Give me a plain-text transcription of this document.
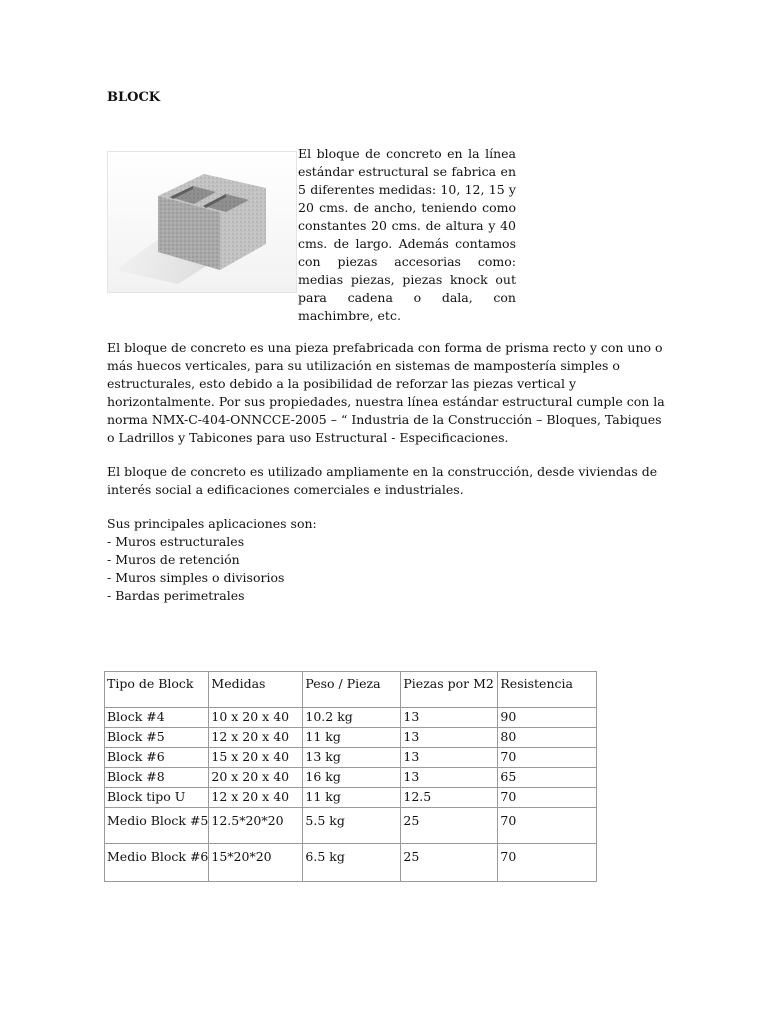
BLOCK

El bloque de concreto en la línea estándar estructural se fabrica en 5 diferentes medidas: 10, 12, 15 y 20 cms. de ancho, teniendo como constantes 20 cms. de altura y 40 cms. de largo. Además contamos con piezas accesorias como: medias piezas, piezas knock out para cadena o dala, con machimbre, etc.

El bloque de concreto es una pieza prefabricada con forma de prisma recto y con uno o más huecos verticales, para su utilización en sistemas de mampostería simples o estructurales, esto debido a la posibilidad de reforzar las piezas vertical y horizontalmente. Por sus propiedades, nuestra línea estándar estructural cumple con la norma NMX-C-404-ONNCCE-2005 – “ Industria de la Construcción – Bloques, Tabiques o Ladrillos y Tabicones para uso Estructural - Especificaciones.

El bloque de concreto es utilizado ampliamente en la construcción, desde viviendas de interés social a edificaciones comerciales e industriales.

Sus principales aplicaciones son:

- Muros estructurales
- Muros de retención
- Muros simples o divisorios
- Bardas perimetrales
Tipo de Block	Medidas	Peso / Pieza	Piezas por M2	Resistencia
Block #4	10 x 20 x 40	10.2 kg	13	90
Block #5	12 x 20 x 40	11 kg	13	80
Block #6	15 x 20 x 40	13 kg	13	70
Block #8	20 x 20 x 40	16 kg	13	65
Block tipo U	12 x 20 x 40	11 kg	12.5	70
Medio Block #5	12.5*20*20	5.5 kg	25	70
Medio Block #6	15*20*20	6.5 kg	25	70
